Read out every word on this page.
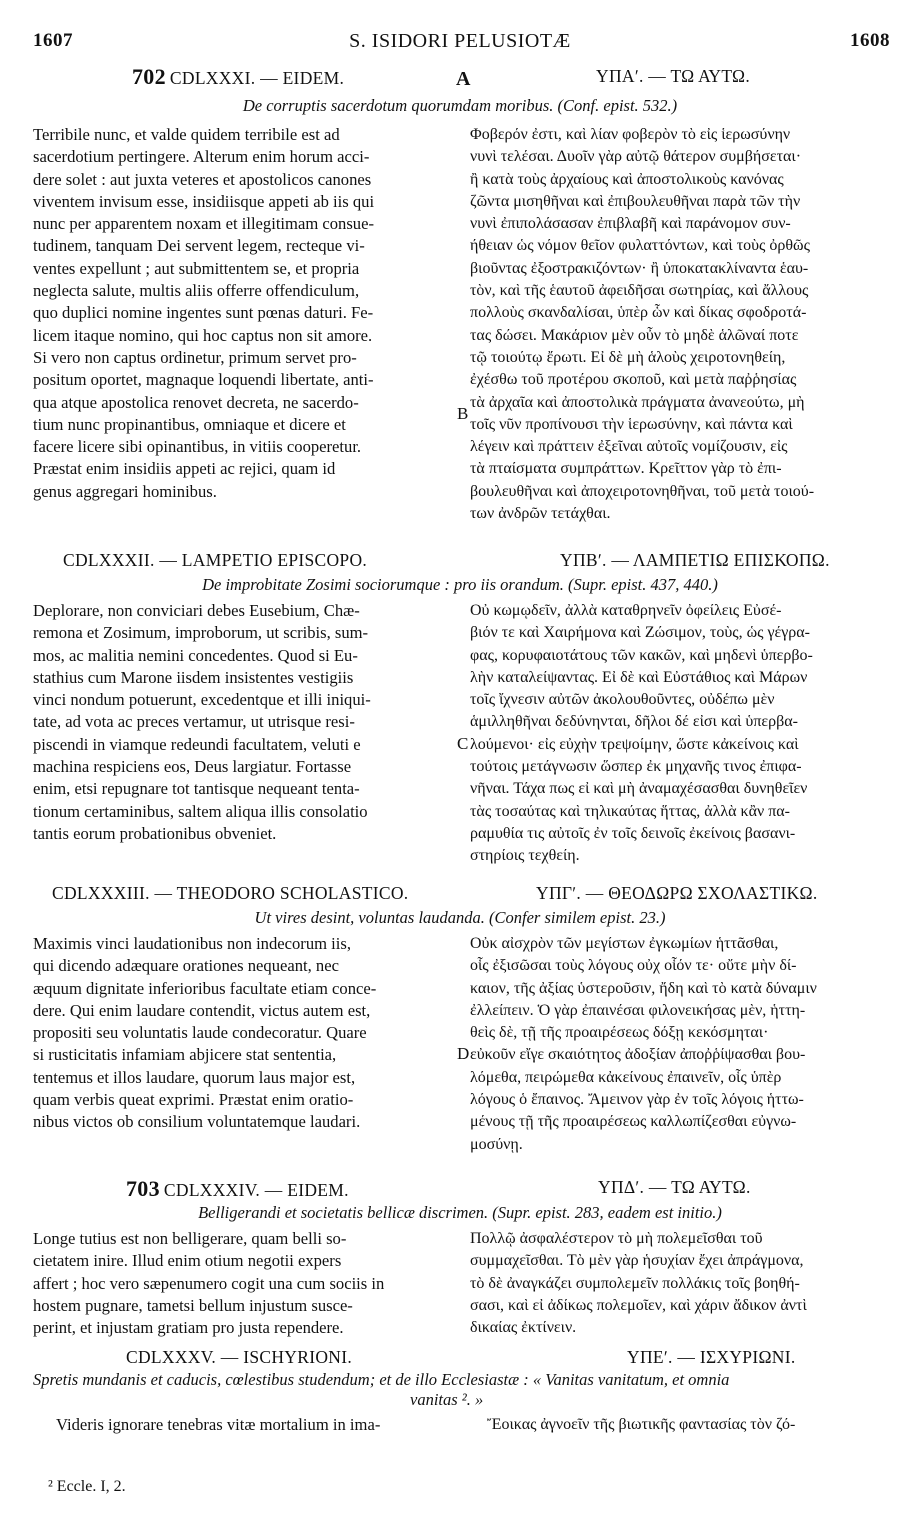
1607	S. ISIDORI PELUSIOTÆ	1608
702 CDLXXXI. — EIDEM.	A	ΥΠΑʹ. — ΤΩ ΑΥΤΩ.
De corruptis sacerdotum quorumdam moribus. (Conf. epist. 532.)
Terribile nunc, et valde quidem terribile est ad
sacerdotium pertingere. Alterum enim horum acci-
dere solet : aut juxta veteres et apostolicos canones
viventem invisum esse, insidiisque appeti ab iis qui
nunc per apparentem noxam et illegitimam consue-
tudinem, tanquam Dei servent legem, recteque vi-
ventes expellunt ; aut submittentem se, et propria
neglecta salute, multis aliis offerre offendiculum,
quo duplici nomine ingentes sunt pœnas daturi. Fe-
licem itaque nomino, qui hoc captus non sit amore.
Si vero non captus ordinetur, primum servet pro-
positum oportet, magnaque loquendi libertate, anti-
qua atque apostolica renovet decreta, ne sacerdo-
tium nunc propinantibus, omniaque et dicere et
facere licere sibi opinantibus, in vitiis cooperetur.
Præstat enim insidiis appeti ac rejici, quam id
genus aggregari hominibus.
Φοβερόν ἐστι, καὶ λίαν φοβερὸν τὸ εἰς ἱερωσύνην
νυνὶ τελέσαι. Δυοῖν γὰρ αὐτῷ θάτερον συμβήσεται·
ἢ κατὰ τοὺς ἀρχαίους καὶ ἀποστολικοὺς κανόνας
ζῶντα μισηθῆναι καὶ ἐπιβουλευθῆναι παρὰ τῶν τὴν
νυνὶ ἐπιπολάσασαν ἐπιβλαβῆ καὶ παράνομον συν-
ήθειαν ὡς νόμον θεῖον φυλαττόντων, καὶ τοὺς ὀρθῶς
βιοῦντας ἐξοστρακιζόντων· ἢ ὑποκατακλίναντα ἑαυ-
τὸν, καὶ τῆς ἑαυτοῦ ἀφειδῆσαι σωτηρίας, καὶ ἄλλους
πολλοὺς σκανδαλίσαι, ὑπὲρ ὧν καὶ δίκας σφοδροτά-
τας δώσει. Μακάριον μὲν οὖν τὸ μηδὲ ἁλῶναί ποτε
τῷ τοιούτῳ ἔρωτι. Εἰ δὲ μὴ ἁλοὺς χειροτονηθείη,
ἐχέσθω τοῦ προτέρου σκοποῦ, καὶ μετὰ παῤῥησίας
τὰ ἀρχαῖα καὶ ἀποστολικὰ πράγματα ἀνανεούτω, μὴ
τοῖς νῦν προπίνουσι τὴν ἱερωσύνην, καὶ πάντα καὶ
λέγειν καὶ πράττειν ἐξεῖναι αὐτοῖς νομίζουσιν, εἰς
τὰ πταίσματα συμπράττων. Κρεῖττον γὰρ τὸ ἐπι-
βουλευθῆναι καὶ ἀποχειροτονηθῆναι, τοῦ μετὰ τοιού-
των ἀνδρῶν τετάχθαι.
B
CDLXXXII. — LAMPETIO EPISCOPO.	ΥΠΒʹ. — ΛΑΜΠΕΤΙΩ ΕΠΙΣΚΟΠΩ.
De improbitate Zosimi sociorumque : pro iis orandum. (Supr. epist. 437, 440.)
Deplorare, non conviciari debes Eusebium, Chæ-
remona et Zosimum, improborum, ut scribis, sum-
mos, ac malitia nemini concedentes. Quod si Eu-
stathius cum Marone iisdem insistentes vestigiis
vinci nondum potuerunt, excedentque et illi iniqui-
tate, ad vota ac preces vertamur, ut utrisque resi-
piscendi in viamque redeundi facultatem, veluti e
machina respiciens eos, Deus largiatur. Fortasse
enim, etsi repugnare tot tantisque nequeant tenta-
tionum certaminibus, saltem aliqua illis consolatio
tantis eorum probationibus obveniet.
Οὐ κωμῳδεῖν, ἀλλὰ καταθρηνεῖν ὀφείλεις Εὐσέ-
βιόν τε καὶ Χαιρήμονα καὶ Ζώσιμον, τοὺς, ὡς γέγρα-
φας, κορυφαιοτάτους τῶν κακῶν, καὶ μηδενὶ ὑπερβο-
λὴν καταλείψαντας. Εἰ δὲ καὶ Εὐστάθιος καὶ Μάρων
τοῖς ἴχνεσιν αὐτῶν ἀκολουθοῦντες, οὐδέπω μὲν
ἁμιλληθῆναι δεδύνηνται, δῆλοι δέ εἰσι καὶ ὑπερβα-
λούμενοι· εἰς εὐχὴν τρεψοίμην, ὥστε κἀκείνοις καὶ
τούτοις μετάγνωσιν ὥσπερ ἐκ μηχανῆς τινος ἐπιφα-
νῆναι. Τάχα πως εἰ καὶ μὴ ἀναμαχέσασθαι δυνηθεῖεν
τὰς τοσαύτας καὶ τηλικαύτας ἥττας, ἀλλὰ κἂν πα-
ραμυθία τις αὐτοῖς ἐν τοῖς δεινοῖς ἐκείνοις βασανι-
στηρίοις τεχθείη.
C
CDLXXXIII. — THEODORO SCHOLASTICO.	ΥΠΓʹ. — ΘΕΟΔΩΡΩ ΣΧΟΛΑΣΤΙΚΩ.
Ut vires desint, voluntas laudanda. (Confer similem epist. 23.)
Maximis vinci laudationibus non indecorum iis,
qui dicendo adæquare orationes nequeant, nec
æquum dignitate inferioribus facultate etiam conce-
dere. Qui enim laudare contendit, victus autem est,
propositi seu voluntatis laude condecoratur. Quare
si rusticitatis infamiam abjicere stat sententia,
tentemus et illos laudare, quorum laus major est,
quam verbis queat exprimi. Præstat enim oratio-
nibus victos ob consilium voluntatemque laudari.
Οὐκ αἰσχρὸν τῶν μεγίστων ἐγκωμίων ἡττᾶσθαι,
οἷς ἐξισῶσαι τοὺς λόγους οὐχ οἷόν τε· οὔτε μὴν δί-
καιον, τῆς ἀξίας ὑστεροῦσιν, ἤδη καὶ τὸ κατὰ δύναμιν
ἐλλείπειν. Ὁ γὰρ ἐπαινέσαι φιλονεικήσας μὲν, ἡττη-
θεὶς δὲ, τῇ τῆς προαιρέσεως δόξῃ κεκόσμηται·
εὐκοῦν εἴγε σκαιότητος ἀδοξίαν ἀποῤῥίψασθαι βου-
λόμεθα, πειρώμεθα κἀκείνους ἐπαινεῖν, οἷς ὑπὲρ
λόγους ὁ ἔπαινος. Ἄμεινον γὰρ ἐν τοῖς λόγοις ἡττω-
μένους τῇ τῆς προαιρέσεως καλλωπίζεσθαι εὐγνω-
μοσύνῃ.
D
703 CDLXXXIV. — EIDEM.	ΥΠΔʹ. — ΤΩ ΑΥΤΩ.
Belligerandi et societatis bellicæ discrimen. (Supr. epist. 283, eadem est initio.)
Longe tutius est non belligerare, quam belli so-
cietatem inire. Illud enim otium negotii expers
affert ; hoc vero sæpenumero cogit una cum sociis in
hostem pugnare, tametsi bellum injustum susce-
perint, et injustam gratiam pro justa rependere.
Πολλῷ ἀσφαλέστερον τὸ μὴ πολεμεῖσθαι τοῦ
συμμαχεῖσθαι. Τὸ μὲν γὰρ ἡσυχίαν ἔχει ἀπράγμονα,
τὸ δὲ ἀναγκάζει συμπολεμεῖν πολλάκις τοῖς βοηθή-
σασι, καὶ εἰ ἀδίκως πολεμοῖεν, καὶ χάριν ἄδικον ἀντὶ
δικαίας ἐκτίνειν.
CDLXXXV. — ISCHYRIONI.	ΥΠΕʹ. — ΙΣΧΥΡΙΩΝΙ.
Spretis mundanis et caducis, cœlestibus studendum; et de illo Ecclesiastæ : « Vanitas vanitatum, et omnia
vanitas ². »
Videris ignorare tenebras vitæ mortalium in ima-	Ἔοικας ἀγνοεῖν τῆς βιωτικῆς φαντασίας τὸν ζό-
² Eccle. I, 2.
